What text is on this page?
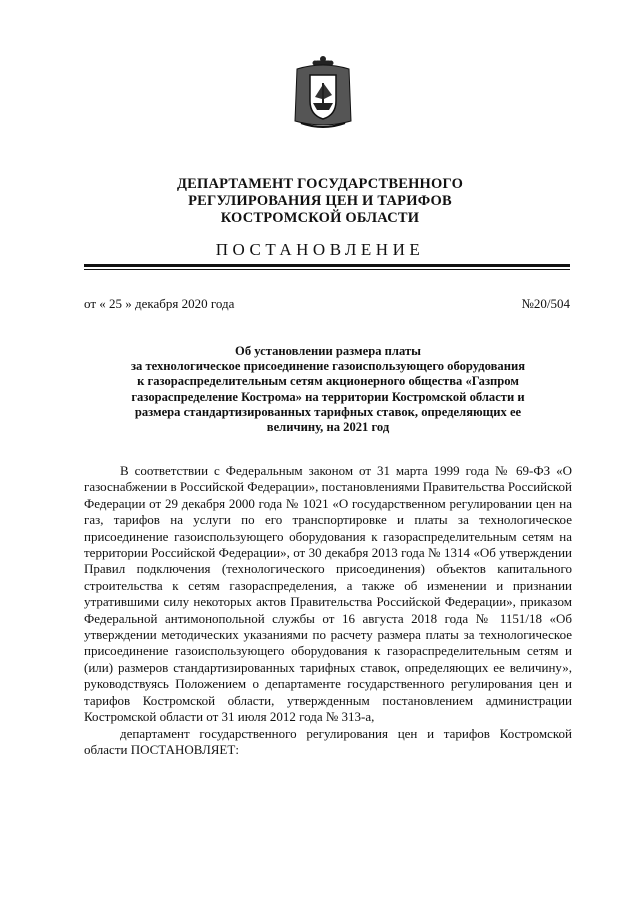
ДЕПАРТАМЕНТ ГОСУДАРСТВЕННОГО
РЕГУЛИРОВАНИЯ ЦЕН И ТАРИФОВ
КОСТРОМСКОЙ ОБЛАСТИ
ПОСТАНОВЛЕНИЕ
от « 25 » декабря 2020 года	№20/504
Об установлении размера платы
за технологическое присоединение газоиспользующего оборудования
к газораспределительным сетям акционерного общества «Газпром
газораспределение Кострома» на территории Костромской области и
размера стандартизированных тарифных ставок, определяющих ее
величину, на 2021 год

В соответствии с Федеральным законом от 31 марта 1999 года № 69-ФЗ «О газоснабжении в Российской Федерации», постановлениями Правительства Российской Федерации от 29 декабря 2000 года № 1021 «О государственном регулировании цен на газ, тарифов на услуги по его транспортировке и платы за технологическое присоединение газоиспользующего оборудования к газораспределительным сетям на территории Российской Федерации», от 30 декабря 2013 года № 1314 «Об утверждении Правил подключения (технологического присоединения) объектов капитального строительства к сетям газораспределения, а также об изменении и признании утратившими силу некоторых актов Правительства Российской Федерации», приказом Федеральной антимонопольной службы от 16 августа 2018 года № 1151/18 «Об утверждении методических указаниями по расчету размера платы за технологическое присоединение газоиспользующего оборудования к газораспределительным сетям и (или) размеров стандартизированных тарифных ставок, определяющих ее величину», руководствуясь Положением о департаменте государственного регулирования цен и тарифов Костромской области, утвержденным постановлением администрации Костромской области от 31 июля 2012 года № 313-а,

департамент государственного регулирования цен и тарифов Костромской области ПОСТАНОВЛЯЕТ:
